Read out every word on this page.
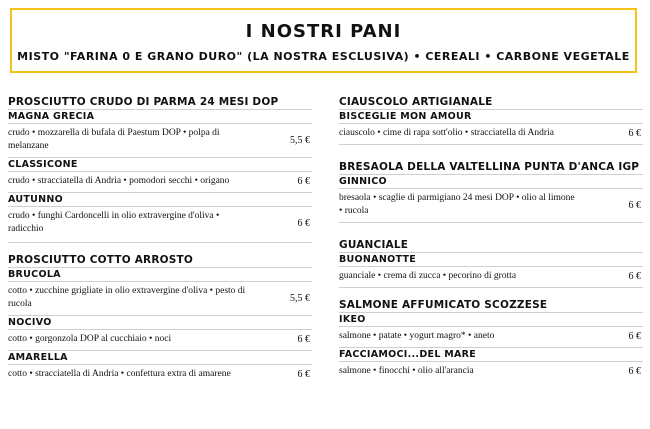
I NOSTRI PANI
MISTO "FARINA 0 E GRANO DURO" (LA NOSTRA ESCLUSIVA) • CEREALI • CARBONE VEGETALE
PROSCIUTTO CRUDO DI PARMA 24 MESI DOP
MAGNA GRECIA
crudo • mozzarella di bufala di Paestum DOP • polpa di melanzane
5,5 €
CLASSICONE
crudo • stracciatella di Andria • pomodori secchi • origano	6 €
AUTUNNO
crudo • funghi Cardoncelli in olio extravergine d'oliva • radicchio
6 €
PROSCIUTTO COTTO ARROSTO
BRUCOLA
cotto • zucchine grigliate in olio extravergine d'oliva • pesto di rucola
5,5 €
NOCIVO
cotto • gorgonzola DOP al cucchiaio • noci	6 €
AMARELLA
cotto • stracciatella di Andria • confettura extra di amarene	6 €
CIAUSCOLO ARTIGIANALE
BISCEGLIE MON AMOUR
ciauscolo • cime di rapa sott'olio • stracciatella di Andria	6 €
BRESAOLA DELLA VALTELLINA PUNTA D'ANCA IGP
GINNICO
bresaola • scaglie di parmigiano 24 mesi DOP • olio al limone • rucola
6 €
GUANCIALE
BUONANOTTE
guanciale • crema di zucca • pecorino di grotta	6 €
SALMONE AFFUMICATO SCOZZESE
IKEO
salmone • patate • yogurt magro* • aneto	6 €
FACCIAMOCI...DEL MARE
salmone • finocchi • olio all'arancia	6 €
